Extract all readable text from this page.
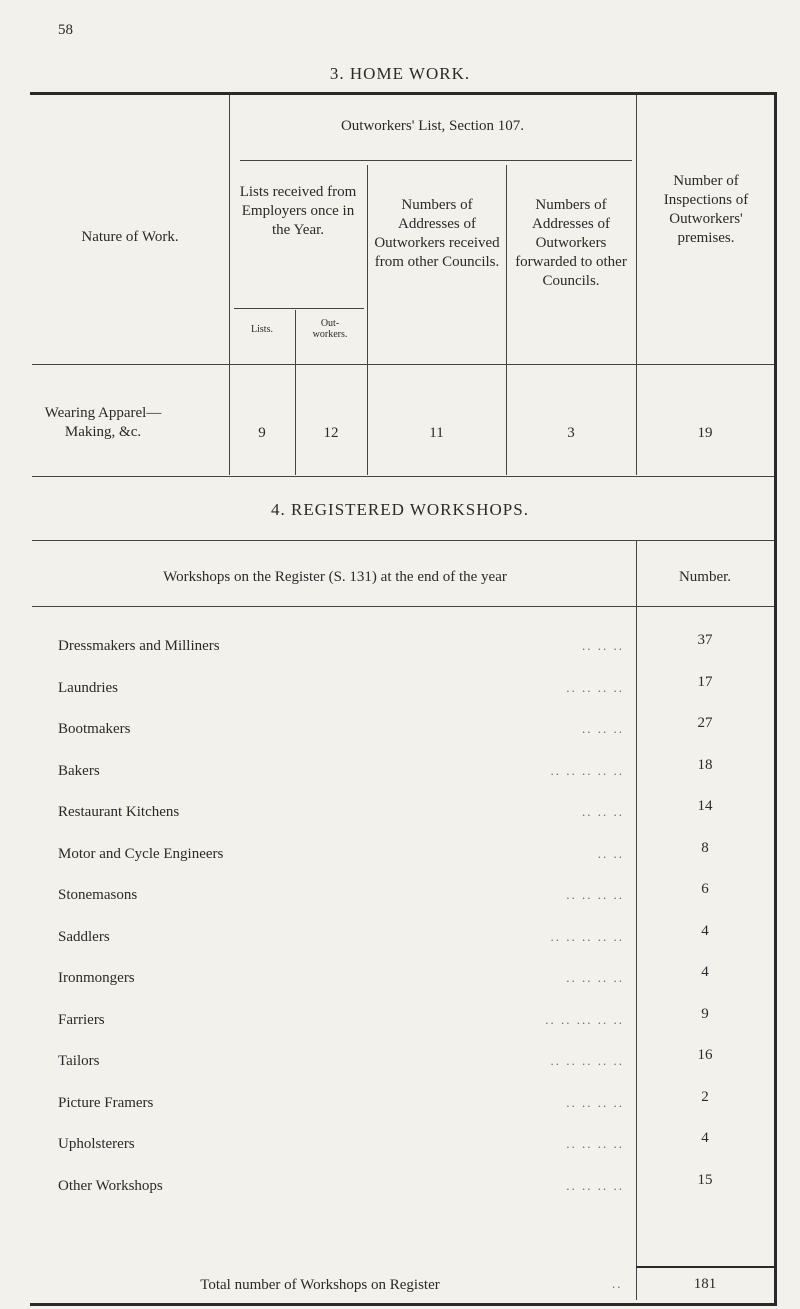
58
3. HOME WORK.
Nature of Work.
Outworkers' List, Section 107.
Lists received from Employers once in the Year.
Lists.
Out- workers.
Numbers of Addresses of Outworkers received from other Councils.
Numbers of Addresses of Outworkers forwarded to other Councils.
Number of Inspections of Outworkers' premises.
Wearing Apparel— Making, &c.	9	12	11	3	19
4. REGISTERED WORKSHOPS.
Workshops on the Register (S. 131) at the end of the year	Number.
Dressmakers and Milliners	.. .. ..	37
Laundries	.. .. .. ..	17
Bootmakers	.. .. ..	27
Bakers	.. .. .. .. ..	18
Restaurant Kitchens	.. .. ..	14
Motor and Cycle Engineers	.. ..	8
Stonemasons	.. .. .. ..	6
Saddlers	.. .. .. .. ..	4
Ironmongers	.. .. .. ..	4
Farriers	.. .. ... .. ..	9
Tailors	.. .. .. .. ..	16
Picture Framers	.. .. .. ..	2
Upholsterers	.. .. .. ..	4
Other Workshops	.. .. .. ..	15
Total number of Workshops on Register	..	181
